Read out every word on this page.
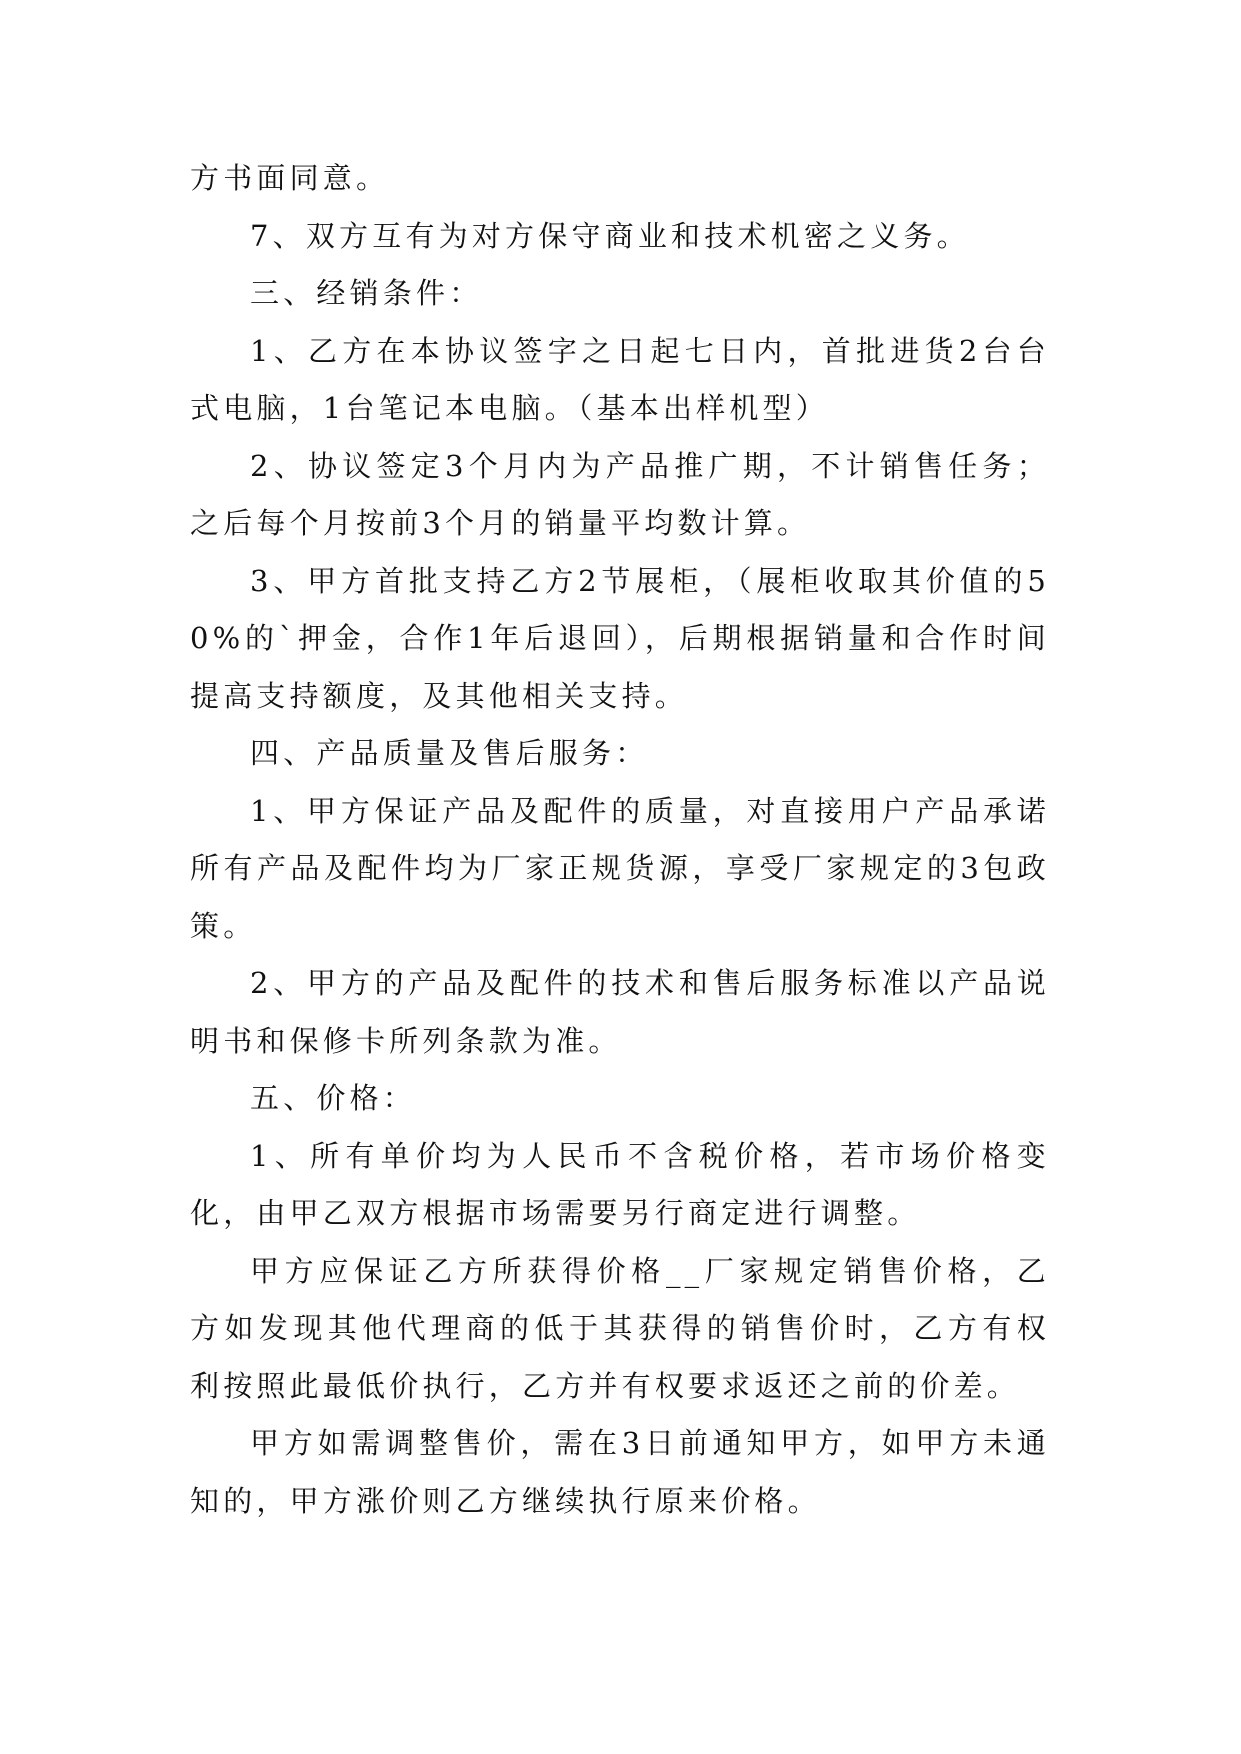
方书面同意。

7、双方互有为对方保守商业和技术机密之义务。

三、经销条件：

1、乙方在本协议签字之日起七日内，首批进货2台台式电脑，1台笔记本电脑。（基本出样机型）

2、协议签定3个月内为产品推广期，不计销售任务；之后每个月按前3个月的销量平均数计算。

3、甲方首批支持乙方2节展柜，（展柜收取其价值的50%的`押金，合作1年后退回），后期根据销量和合作时间提高支持额度，及其他相关支持。

四、产品质量及售后服务：

1、甲方保证产品及配件的质量，对直接用户产品承诺所有产品及配件均为厂家正规货源，享受厂家规定的3包政策。

2、甲方的产品及配件的技术和售后服务标准以产品说明书和保修卡所列条款为准。

五、价格：

1、所有单价均为人民币不含税价格，若市场价格变化，由甲乙双方根据市场需要另行商定进行调整。

甲方应保证乙方所获得价格__厂家规定销售价格，乙方如发现其他代理商的低于其获得的销售价时，乙方有权利按照此最低价执行，乙方并有权要求返还之前的价差。

甲方如需调整售价，需在3日前通知甲方，如甲方未通知的，甲方涨价则乙方继续执行原来价格。
